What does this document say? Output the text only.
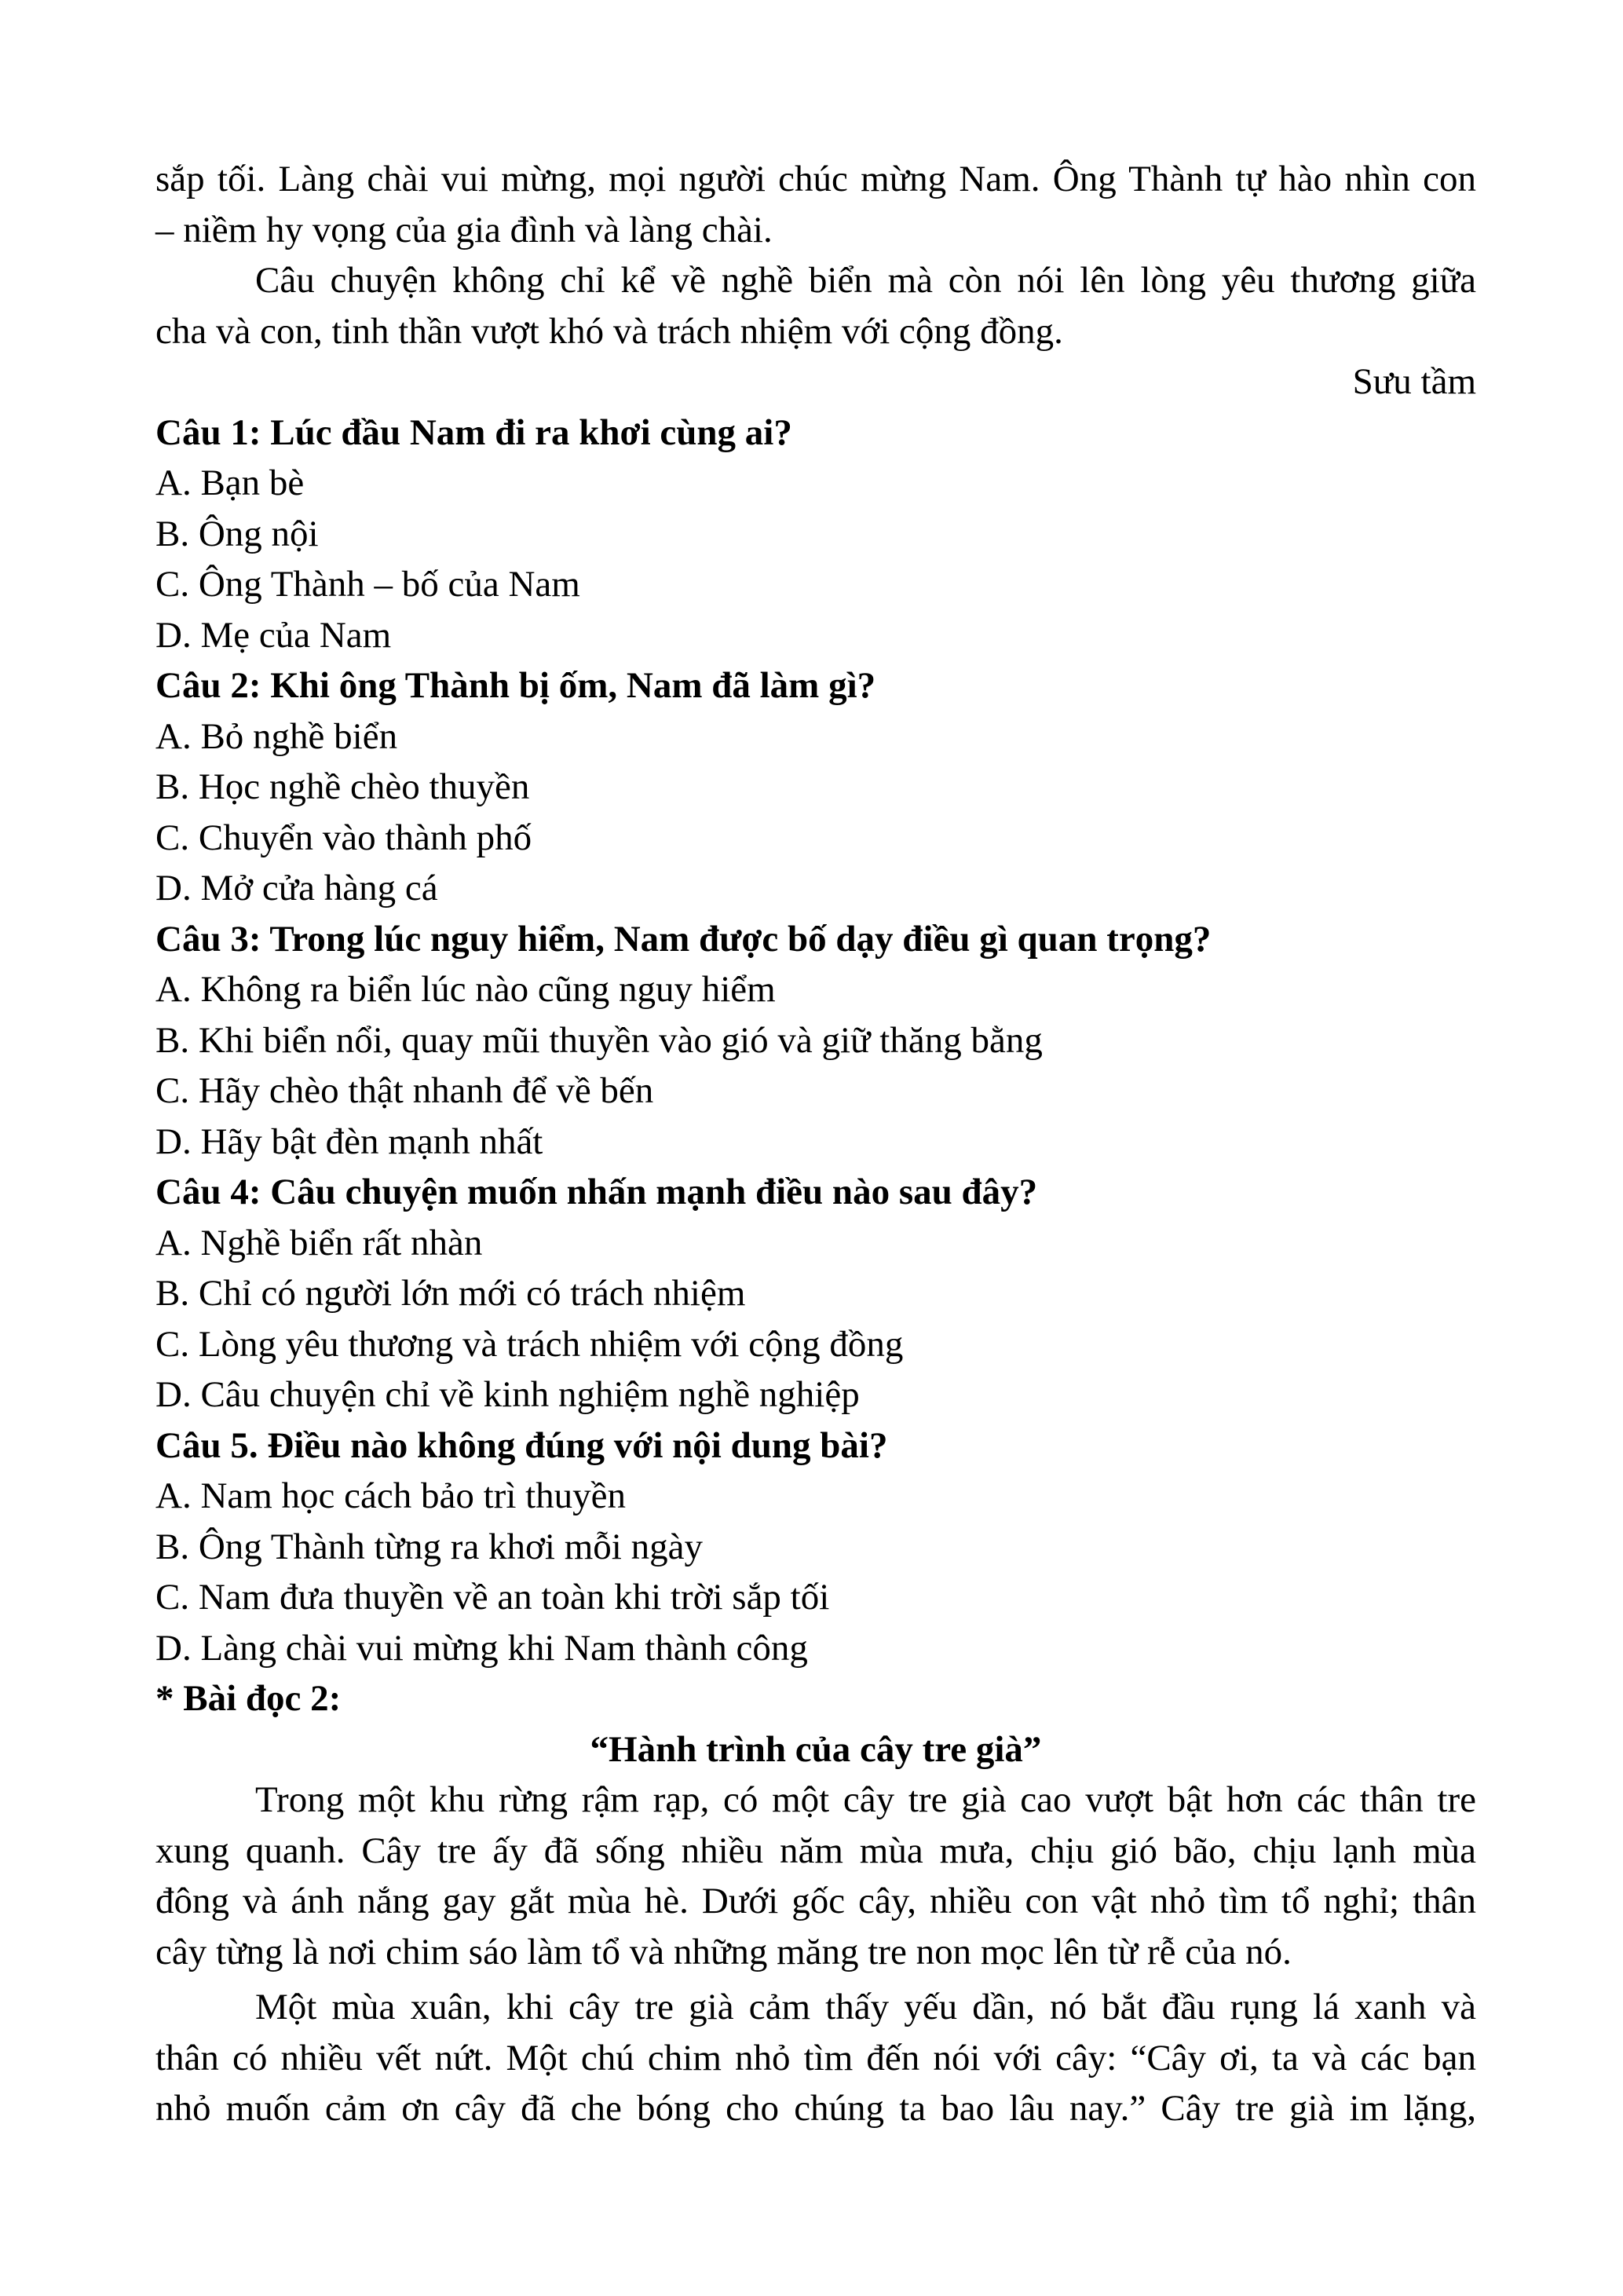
sắp tối. Làng chài vui mừng, mọi người chúc mừng Nam. Ông Thành tự hào nhìn con
– niềm hy vọng của gia đình và làng chài.
Câu chuyện không chỉ kể về nghề biển mà còn nói lên lòng yêu thương giữa
cha và con, tinh thần vượt khó và trách nhiệm với cộng đồng.
Sưu tầm
Câu 1: Lúc đầu Nam đi ra khơi cùng ai?
A. Bạn bè
B. Ông nội
C. Ông Thành – bố của Nam
D. Mẹ của Nam
Câu 2: Khi ông Thành bị ốm, Nam đã làm gì?
A. Bỏ nghề biển
B. Học nghề chèo thuyền
C. Chuyển vào thành phố
D. Mở cửa hàng cá
Câu 3: Trong lúc nguy hiểm, Nam được bố dạy điều gì quan trọng?
A. Không ra biển lúc nào cũng nguy hiểm
B. Khi biển nổi, quay mũi thuyền vào gió và giữ thăng bằng
C. Hãy chèo thật nhanh để về bến
D. Hãy bật đèn mạnh nhất
Câu 4: Câu chuyện muốn nhấn mạnh điều nào sau đây?
A. Nghề biển rất nhàn
B. Chỉ có người lớn mới có trách nhiệm
C. Lòng yêu thương và trách nhiệm với cộng đồng
D. Câu chuyện chỉ về kinh nghiệm nghề nghiệp
Câu 5. Điều nào không đúng với nội dung bài?
A. Nam học cách bảo trì thuyền
B. Ông Thành từng ra khơi mỗi ngày
C. Nam đưa thuyền về an toàn khi trời sắp tối
D. Làng chài vui mừng khi Nam thành công
* Bài đọc 2:
“Hành trình của cây tre già”
Trong một khu rừng rậm rạp, có một cây tre già cao vượt bật hơn các thân tre
xung quanh. Cây tre ấy đã sống nhiều năm mùa mưa, chịu gió bão, chịu lạnh mùa
đông và ánh nắng gay gắt mùa hè. Dưới gốc cây, nhiều con vật nhỏ tìm tổ nghỉ; thân
cây từng là nơi chim sáo làm tổ và những măng tre non mọc lên từ rễ của nó.
Một mùa xuân, khi cây tre già cảm thấy yếu dần, nó bắt đầu rụng lá xanh và
thân có nhiều vết nứt. Một chú chim nhỏ tìm đến nói với cây: “Cây ơi, ta và các bạn
nhỏ muốn cảm ơn cây đã che bóng cho chúng ta bao lâu nay.” Cây tre già im lặng,
